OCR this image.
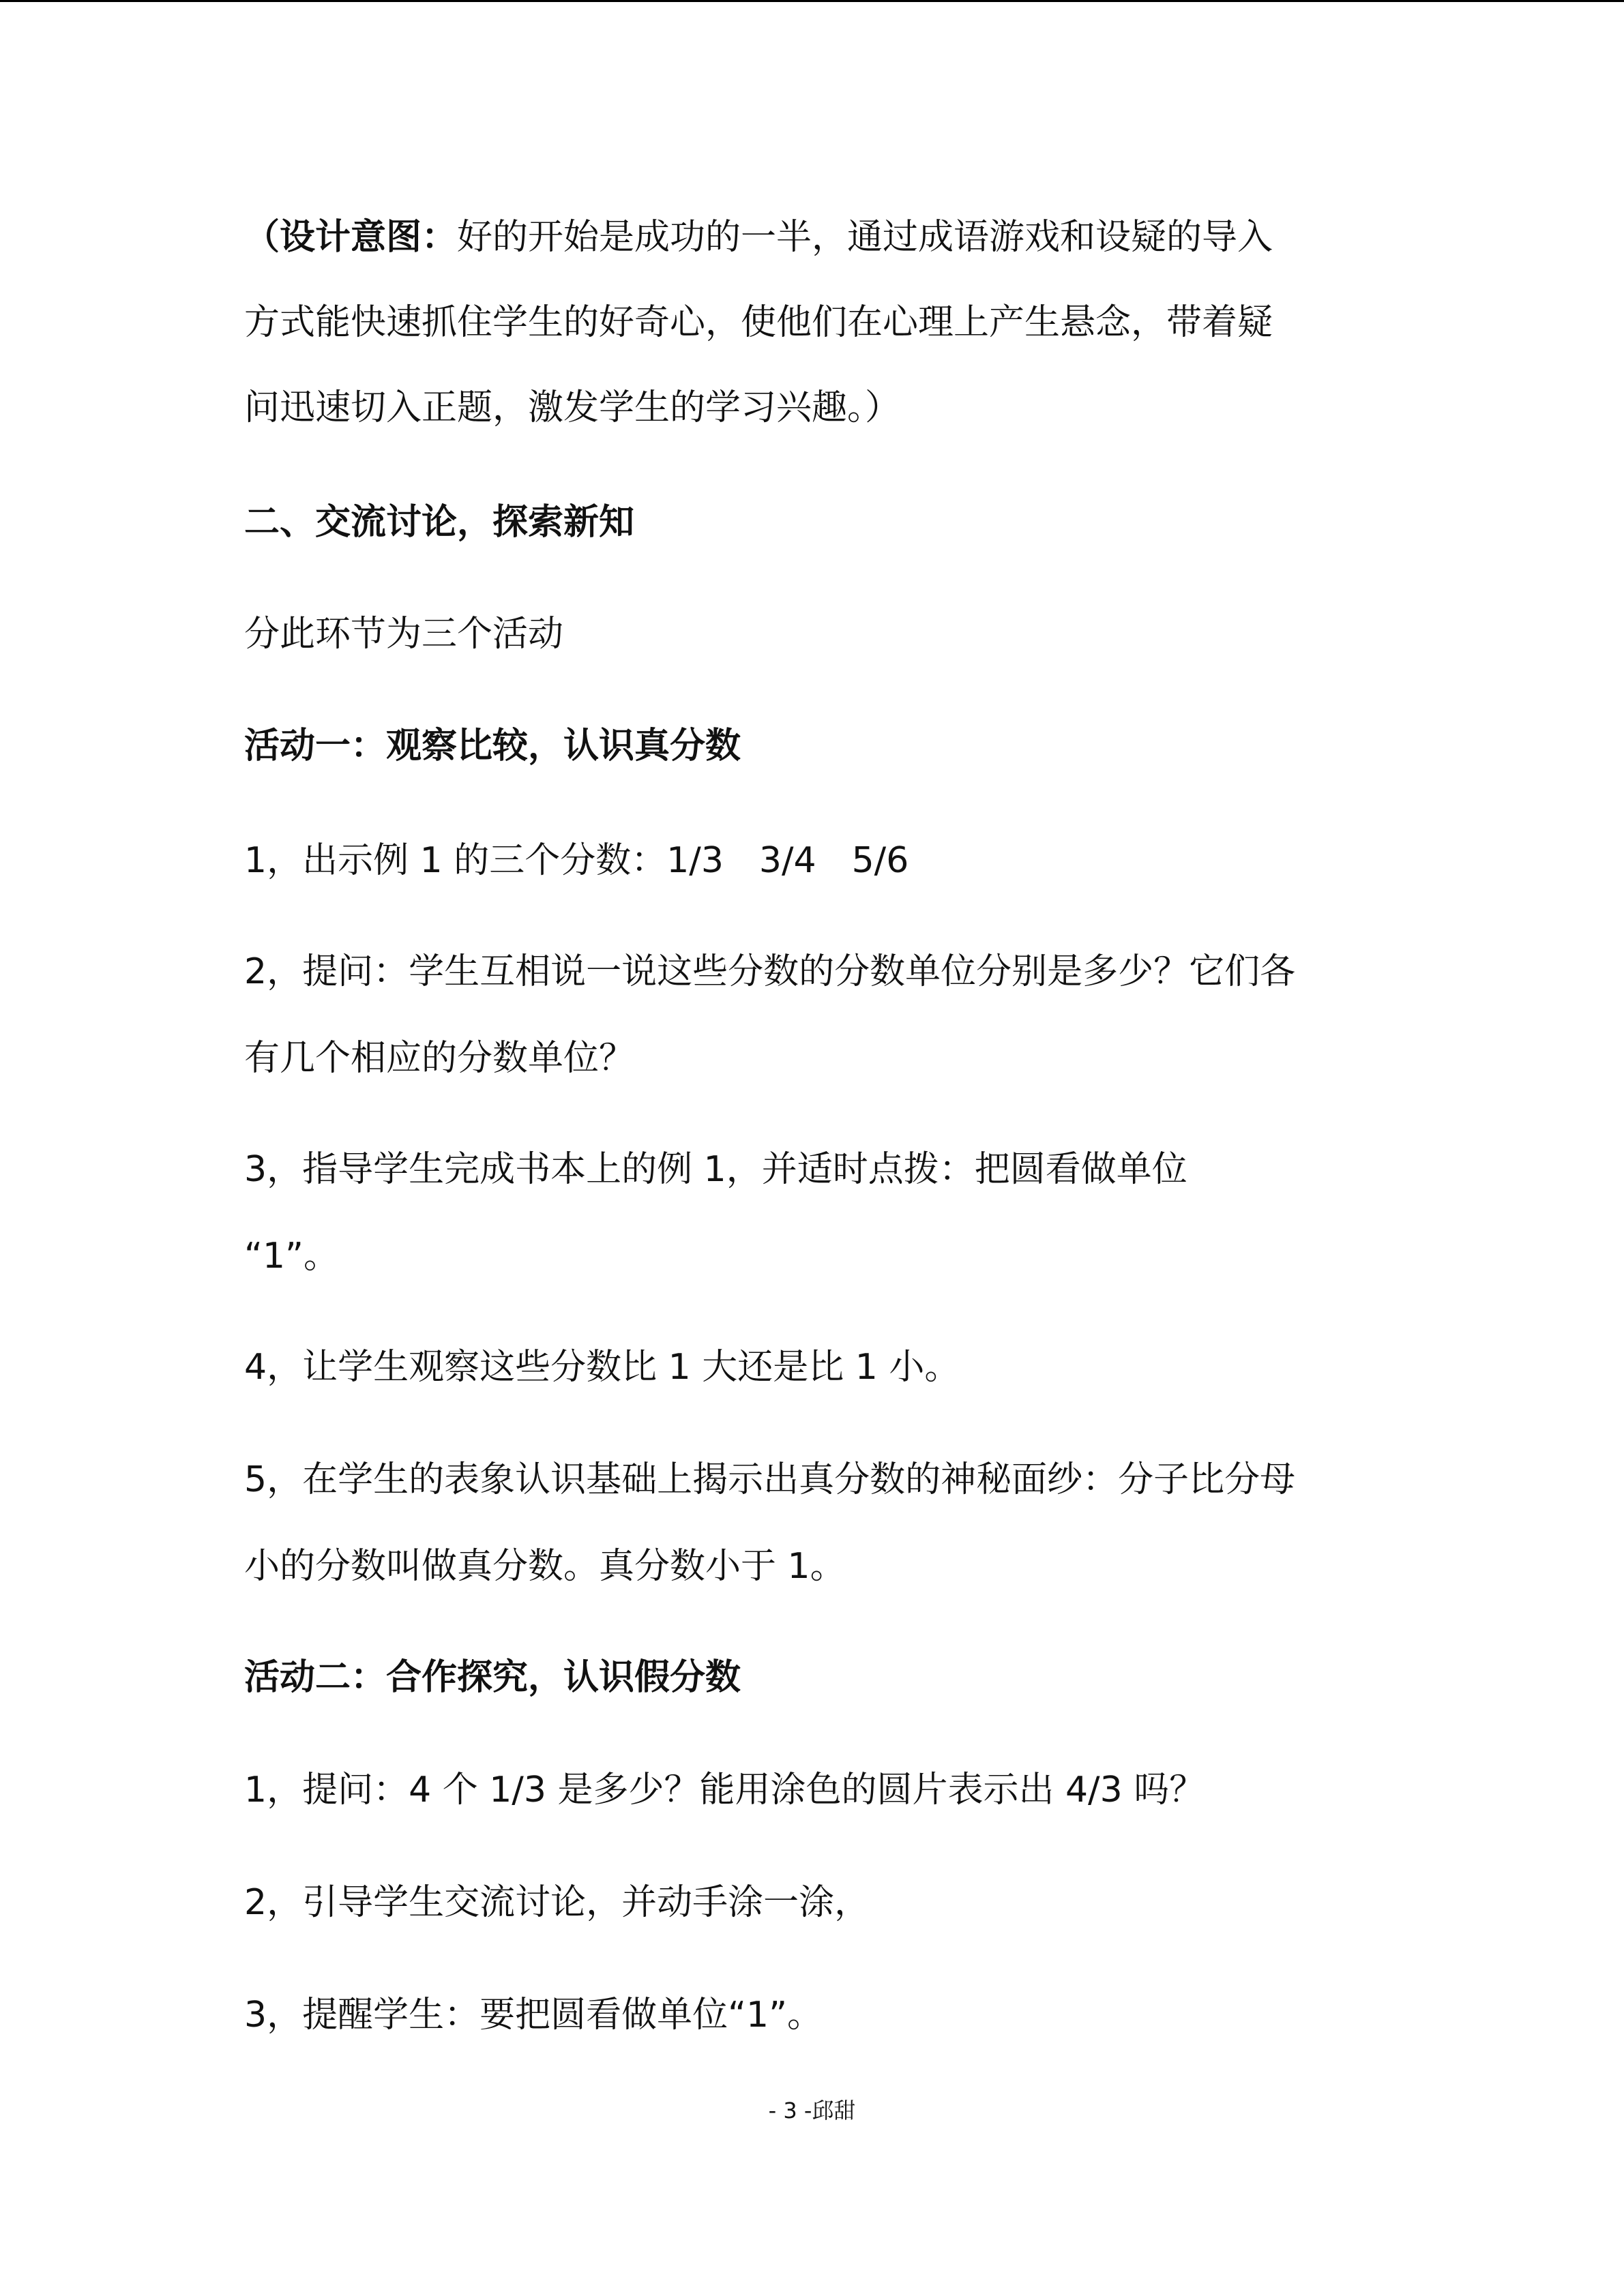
（设计意图：好的开始是成功的一半，通过成语游戏和设疑的导入
方式能快速抓住学生的好奇心，使他们在心理上产生悬念，带着疑
问迅速切入正题，激发学生的学习兴趣。）
二、交流讨论，探索新知
分此环节为三个活动
活动一：观察比较，认识真分数
1，出示例 1 的三个分数：1/3　3/4　5/6
2，提问：学生互相说一说这些分数的分数单位分别是多少？它们各
有几个相应的分数单位？
3，指导学生完成书本上的例 1，并适时点拨：把圆看做单位
“1”。
4，让学生观察这些分数比 1 大还是比 1 小。
5，在学生的表象认识基础上揭示出真分数的神秘面纱：分子比分母
小的分数叫做真分数。真分数小于 1。
活动二：合作探究，认识假分数
1，提问：4 个 1/3 是多少？能用涂色的圆片表示出 4/3 吗？
2，引导学生交流讨论，并动手涂一涂，
3，提醒学生：要把圆看做单位“1”。
- 3 -邱甜
